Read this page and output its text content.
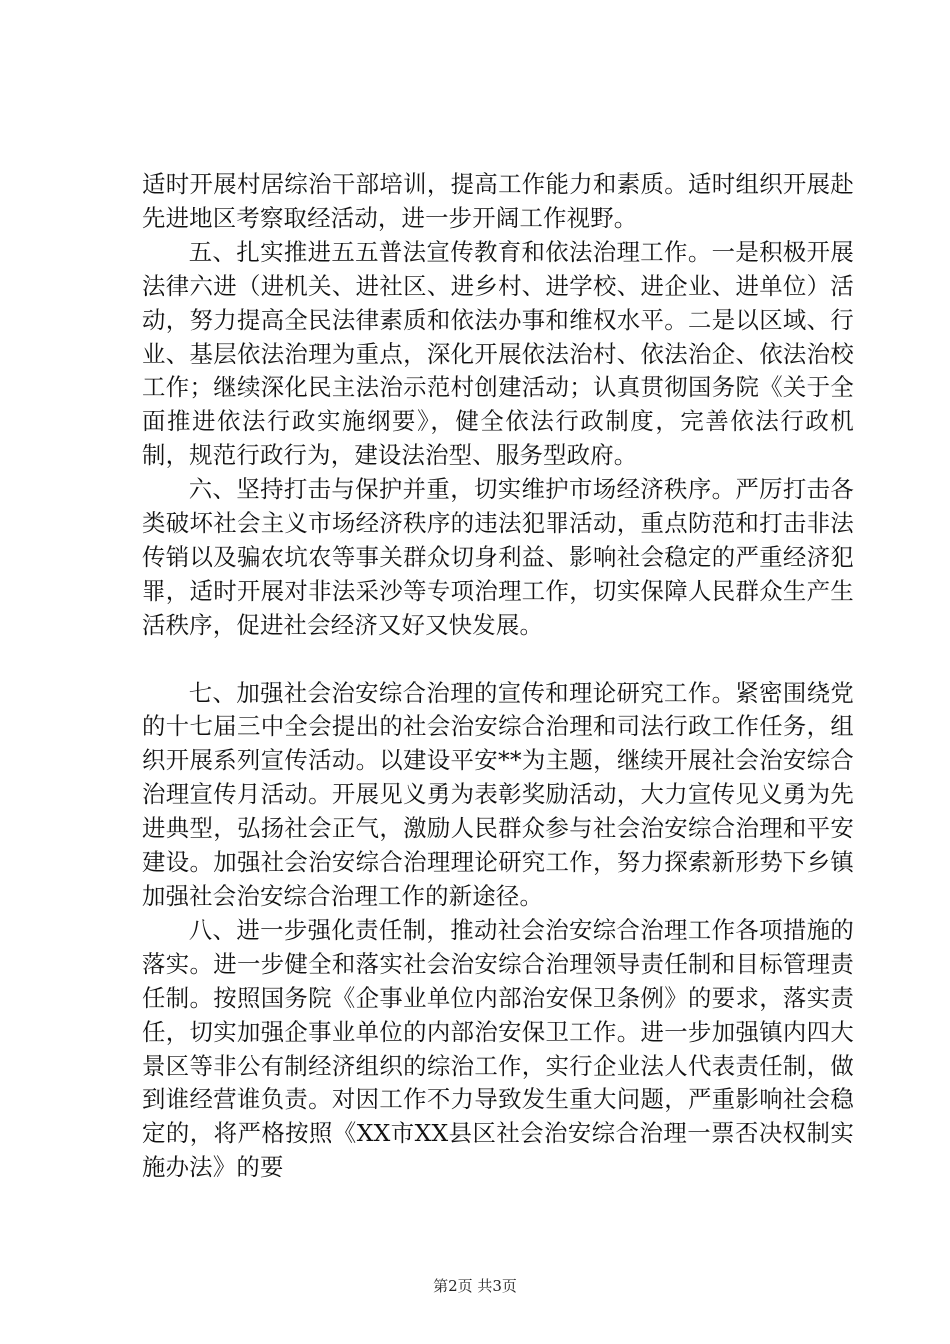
适时开展村居综治干部培训，提高工作能力和素质。适时组织开展赴先进地区考察取经活动，进一步开阔工作视野。

五、扎实推进五五普法宣传教育和依法治理工作。一是积极开展法律六进（进机关、进社区、进乡村、进学校、进企业、进单位）活动，努力提高全民法律素质和依法办事和维权水平。二是以区域、行业、基层依法治理为重点，深化开展依法治村、依法治企、依法治校工作；继续深化民主法治示范村创建活动；认真贯彻国务院《关于全面推进依法行政实施纲要》，健全依法行政制度，完善依法行政机制，规范行政行为，建设法治型、服务型政府。

六、坚持打击与保护并重，切实维护市场经济秩序。严厉打击各类破坏社会主义市场经济秩序的违法犯罪活动，重点防范和打击非法传销以及骗农坑农等事关群众切身利益、影响社会稳定的严重经济犯罪，适时开展对非法采沙等专项治理工作，切实保障人民群众生产生活秩序，促进社会经济又好又快发展。

七、加强社会治安综合治理的宣传和理论研究工作。紧密围绕党的十七届三中全会提出的社会治安综合治理和司法行政工作任务，组织开展系列宣传活动。以建设平安**为主题，继续开展社会治安综合治理宣传月活动。开展见义勇为表彰奖励活动，大力宣传见义勇为先进典型，弘扬社会正气，激励人民群众参与社会治安综合治理和平安建设。加强社会治安综合治理理论研究工作，努力探索新形势下乡镇加强社会治安综合治理工作的新途径。

八、进一步强化责任制，推动社会治安综合治理工作各项措施的落实。进一步健全和落实社会治安综合治理领导责任制和目标管理责任制。按照国务院《企事业单位内部治安保卫条例》的要求，落实责任，切实加强企事业单位的内部治安保卫工作。进一步加强镇内四大景区等非公有制经济组织的综治工作，实行企业法人代表责任制，做到谁经营谁负责。对因工作不力导致发生重大问题，严重影响社会稳定的，将严格按照《XX市XX县区社会治安综合治理一票否决权制实施办法》的要

第2页 共3页
